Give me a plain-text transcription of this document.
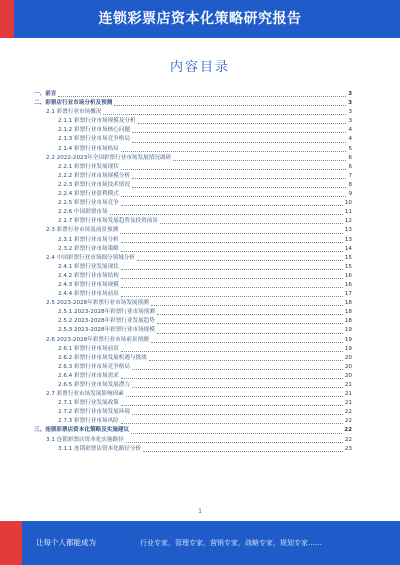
连锁彩票店资本化策略研究报告
内容目录
一、前言	3
二、彩票店行业市场分析及预测	3
2.1 彩票行业市场概况	3
2.1.1 彩票行业市场规模及分析	3
2.1.2 彩票行业市场核心问题	4
2.1.3 彩票行业市场竞争格局	4
2.1.4 彩票行业市场格局	5
2.2 2022-2023年全国彩票行业市场发展情况调研	6
2.2.1 彩票行业发展现状	6
2.2.2 彩票行业市场规模分析	7
2.2.3 彩票行业市场技术情况	8
2.2.4 彩票行业盈利模式	9
2.2.5 彩票行业市场竞争	10
2.2.6 中国彩票市场	11
2.2.7 彩票行业市场发展趋势及投资前景	12
2.3 彩票行业市场及前景预测	13
2.3.1 彩票行业市场分析	13
2.3.2 彩票行业市场策略	14
2.4 中国彩票行业市场细分领域分析	15
2.4.1 彩票行业发展现状	15
2.4.2 彩票行业市场结构	16
2.4.3 彩票行业市场规模	16
2.4.4 彩票行业市场前景	17
2.5 2023-2028年彩票行业市场发展预测	18
2.5.1 2023-2028年彩票行业市场预测	18
2.5.2 2023-2028年彩票行业发展趋势	18
2.5.3 2023-2028年彩票行业市场规模	19
2.6 2023-2028年彩票行业市场前景预测	19
2.6.1 彩票行业市场前景	19
2.6.2 彩票行业市场发展机遇与挑战	20
2.6.3 彩票行业市场竞争格局	20
2.6.4 彩票行业市场需求	20
2.6.5 彩票行业市场发展潜力	21
2.7 彩票行业市场发展影响因素	21
2.7.1 彩票行业发展政策	21
2.7.2 彩票行业市场发展环境	22
2.7.3 彩票行业市场风险	22
三、连锁彩票店资本化策略及实施建议	22
3.1 连锁彩票店资本化实施路径	22
3.1.1 连锁彩票店资本化路径分析	23
1
让每个人都能成为	行业专家，管理专家，营销专家，战略专家，规划专家……
